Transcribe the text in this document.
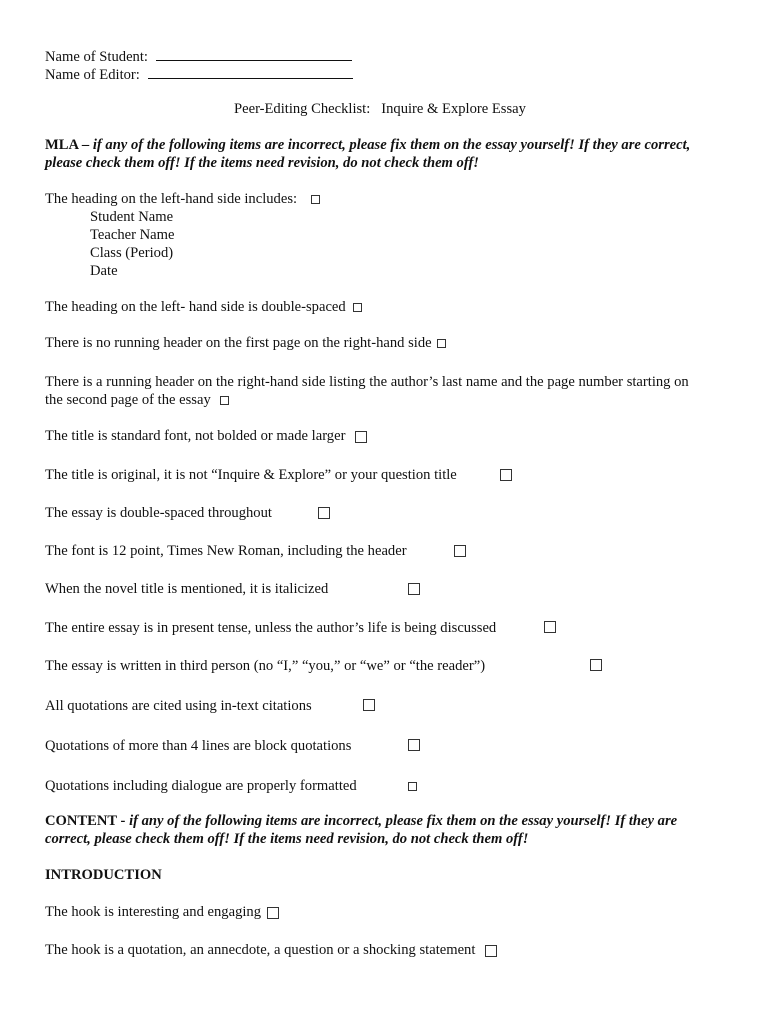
Name of Student:
Name of Editor:
Peer-Editing Checklist:   Inquire & Explore Essay
MLA – if any of the following items are incorrect, please fix them on the essay yourself! If they are correct,
please check them off! If the items need revision, do not check them off!
The heading on the left-hand side includes:
Student Name
Teacher Name
Class (Period)
Date
The heading on the left- hand side is double-spaced
There is no running header on the first page on the right-hand side
There is a running header on the right-hand side listing the author’s last name and the page number starting on
the second page of the essay
The title is standard font, not bolded or made larger
The title is original, it is not “Inquire & Explore” or your question title
The essay is double-spaced throughout
The font is 12 point, Times New Roman, including the header
When the novel title is mentioned, it is italicized
The entire essay is in present tense, unless the author’s life is being discussed
The essay is written in third person (no “I,” “you,” or “we” or “the reader”)
All quotations are cited using in-text citations
Quotations of more than 4 lines are block quotations
Quotations including dialogue are properly formatted
CONTENT - if any of the following items are incorrect, please fix them on the essay yourself! If they are
correct, please check them off! If the items need revision, do not check them off!
INTRODUCTION
The hook is interesting and engaging
The hook is a quotation, an annecdote, a question or a shocking statement
